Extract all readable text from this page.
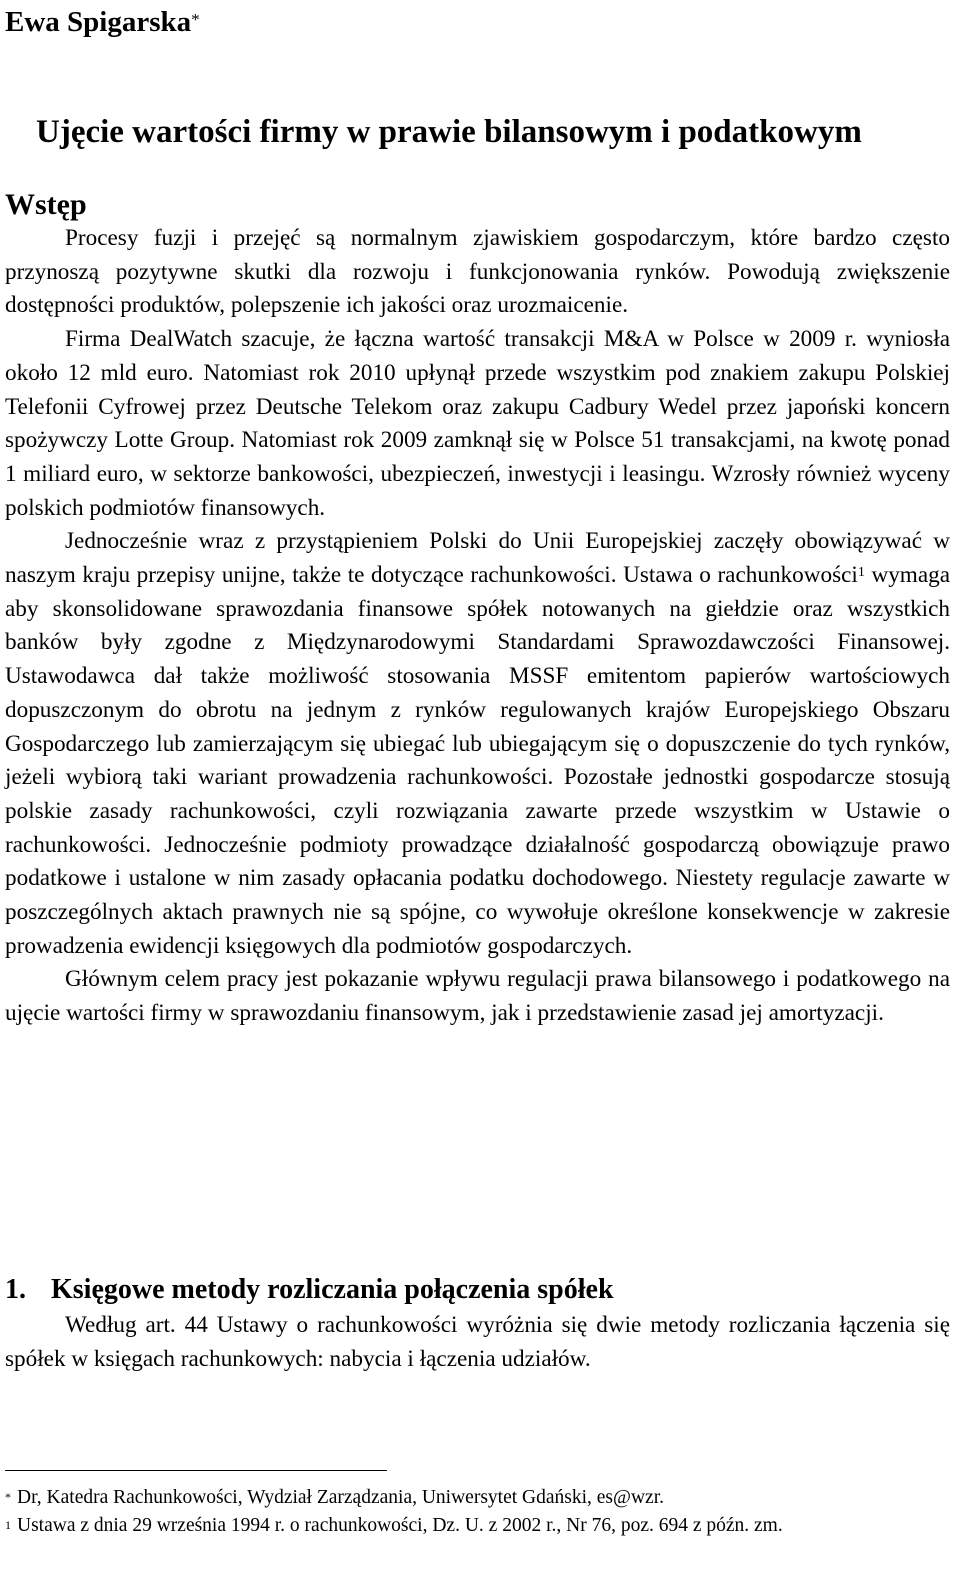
Ewa Spigarska*
Ujęcie wartości firmy w prawie bilansowym i podatkowym
Wstęp

Procesy fuzji i przejęć są normalnym zjawiskiem gospodarczym, które bardzo często przynoszą pozytywne skutki dla rozwoju i funkcjonowania rynków. Powodują zwiększenie dostępności produktów, polepszenie ich jakości oraz urozmaicenie.

Firma DealWatch szacuje, że łączna wartość transakcji M&A w Polsce w 2009 r. wyniosła około 12 mld euro. Natomiast rok 2010 upłynął przede wszystkim pod znakiem zakupu Polskiej Telefonii Cyfrowej przez Deutsche Telekom oraz zakupu Cadbury Wedel przez japoński koncern spożywczy Lotte Group. Natomiast rok 2009 zamknął się w Polsce 51 transakcjami, na kwotę ponad 1 miliard euro, w sektorze bankowości, ubezpieczeń, inwestycji i leasingu. Wzrosły również wyceny polskich podmiotów finansowych.

Jednocześnie wraz z przystąpieniem Polski do Unii Europejskiej zaczęły obowiązywać w naszym kraju przepisy unijne, także te dotyczące rachunkowości. Ustawa o rachunkowości$^1$ wymaga aby skonsolidowane sprawozdania finansowe spółek notowanych na giełdzie oraz wszystkich banków były zgodne z Międzynarodowymi Standardami Sprawozdawczości Finansowej. Ustawodawca dał także możliwość stosowania MSSF emitentom papierów wartościowych dopuszczonym do obrotu na jednym z rynków regulowanych krajów Europejskiego Obszaru Gospodarczego lub zamierzającym się ubiegać lub ubiegającym się o dopuszczenie do tych rynków, jeżeli wybiorą taki wariant prowadzenia rachunkowości. Pozostałe jednostki gospodarcze stosują polskie zasady rachunkowości, czyli rozwiązania zawarte przede wszystkim w Ustawie o rachunkowości. Jednocześnie podmioty prowadzące działalność gospodarczą obowiązuje prawo podatkowe i ustalone w nim zasady opłacania podatku dochodowego. Niestety regulacje zawarte w poszczególnych aktach prawnych nie są spójne, co wywołuje określone konsekwencje w zakresie prowadzenia ewidencji księgowych dla podmiotów gospodarczych.

Głównym celem pracy jest pokazanie wpływu regulacji prawa bilansowego i podatkowego na ujęcie wartości firmy w sprawozdaniu finansowym, jak i przedstawienie zasad jej amortyzacji.

1. Księgowe metody rozliczania połączenia spółek

Według art. 44 Ustawy o rachunkowości wyróżnia się dwie metody rozliczania łączenia się spółek w księgach rachunkowych: nabycia i łączenia udziałów.

* Dr, Katedra Rachunkowości, Wydział Zarządzania, Uniwersytet Gdański, es@wzr.

$^1$ Ustawa z dnia 29 września 1994 r. o rachunkowości, Dz. U. z 2002 r., Nr 76, poz. 694 z późn. zm.
